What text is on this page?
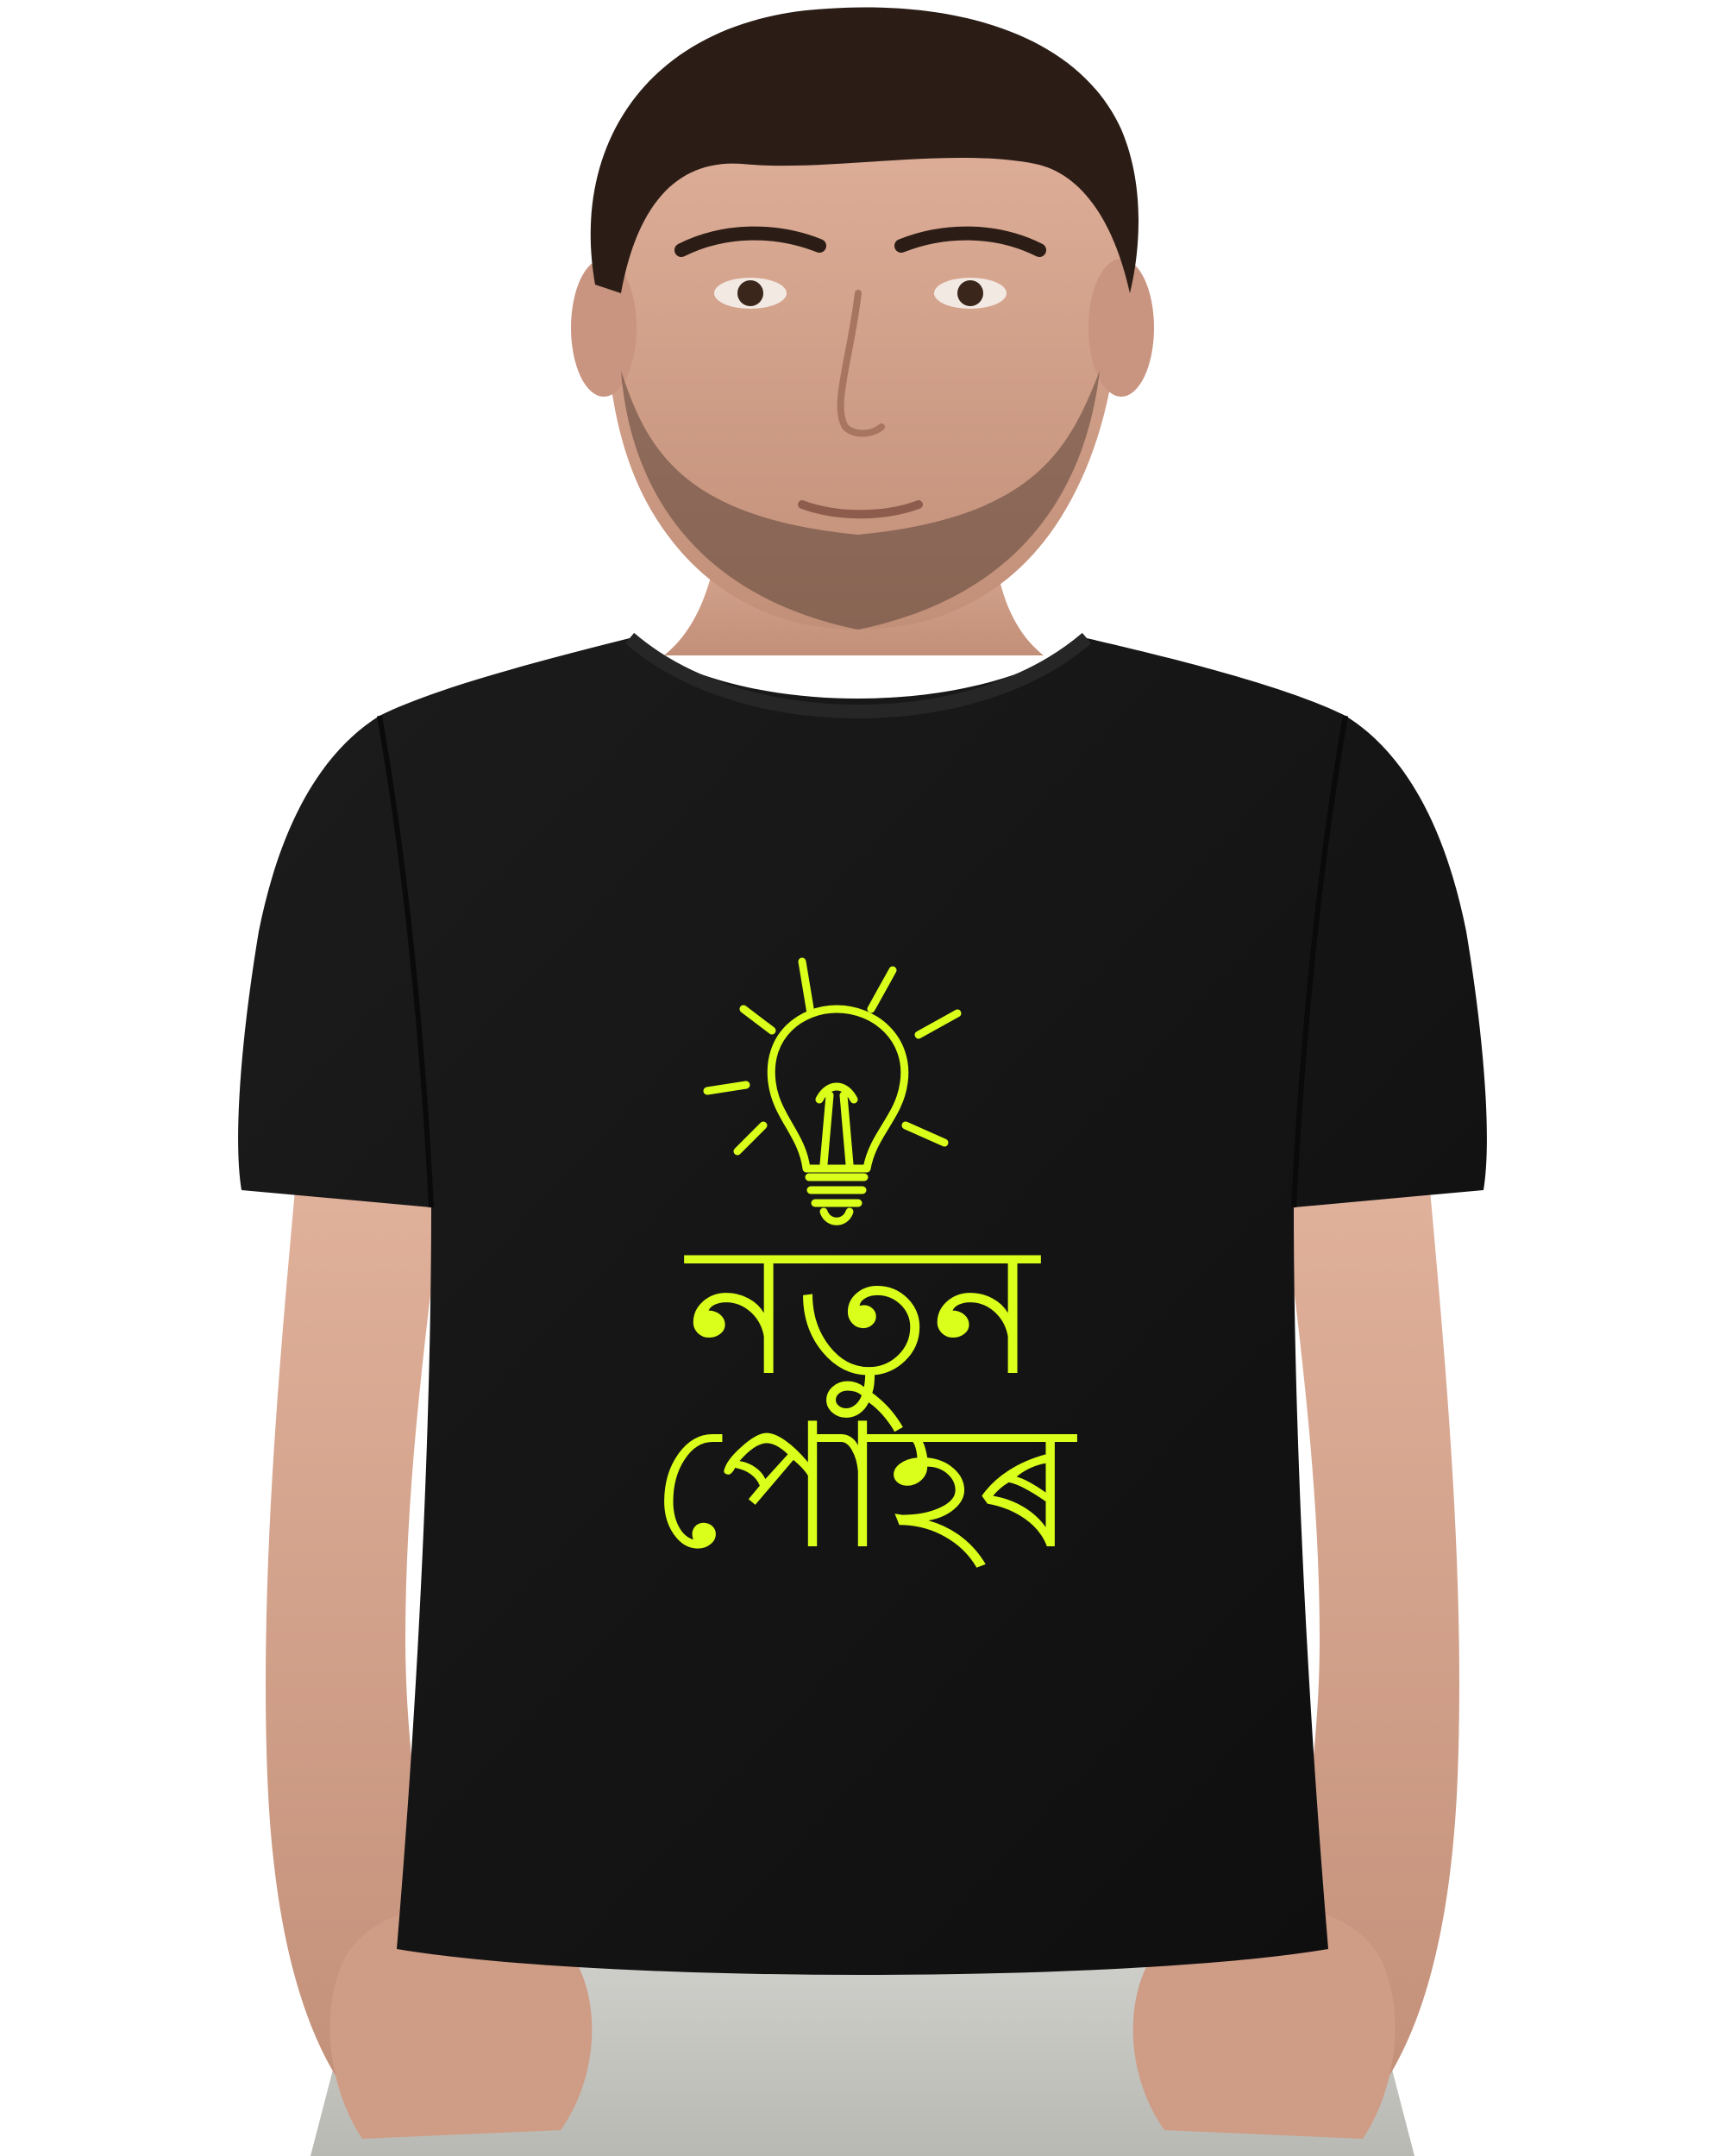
নতুন
পোহৰ
